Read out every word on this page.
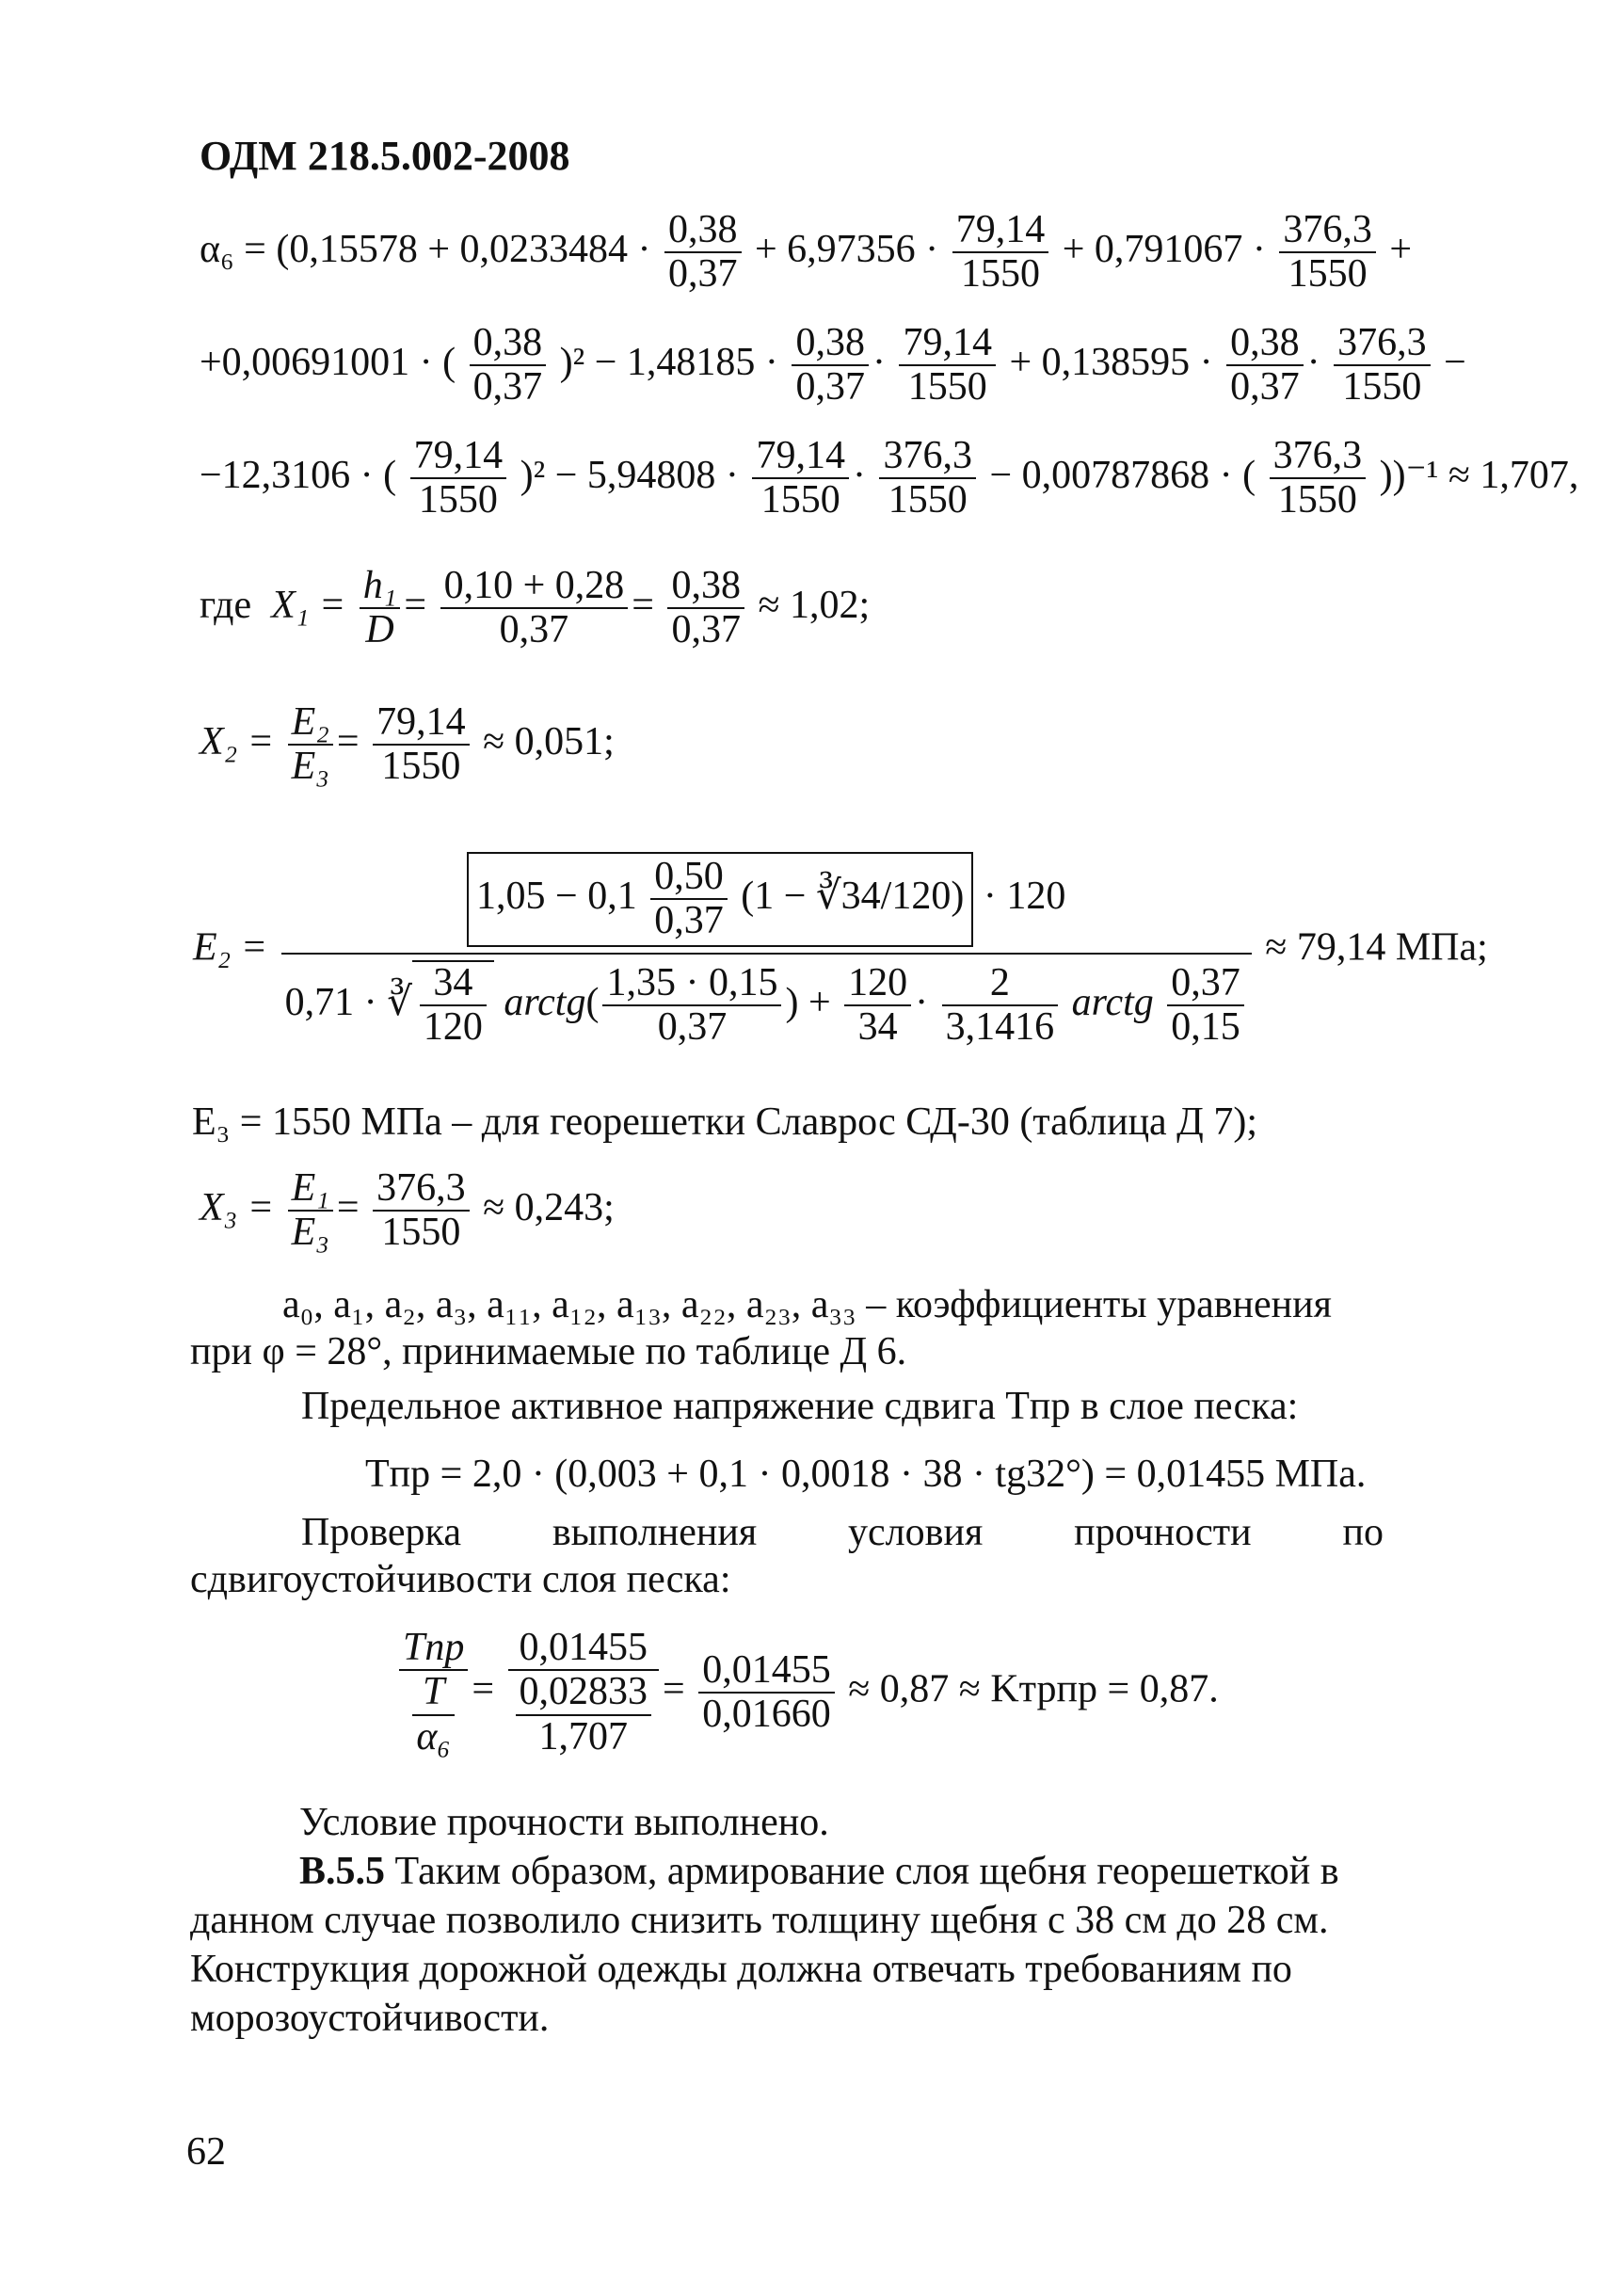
ОДМ 218.5.002-2008
$\alpha_6 = (0,15578 + 0,0233484 \cdot \frac{0,38}{0,37} + 6,97356 \cdot \frac{79,14}{1550} + 0,791067 \cdot \frac{376,3}{1550}$ +
+0,00691001 · ( $\frac{0,38}{0,37} )^2 - 1,48185 \cdot \frac{0,38}{0,37} \cdot \frac{79,14}{1550} + 0,138595 \cdot \frac{0,38}{0,37} \cdot \frac{376,3}{1550}$ −
−12,3106 · ( $\frac{79,14}{1550} )^2 - 5,94808 \cdot \frac{79,14}{1550} \cdot \frac{376,3}{1550} - 0,00787868$ · ( $\frac{376,3}{1550} ))^{-1} \approx 1,707$,
где $X_1 = \frac{\text{h₁}}{D} = \frac{0,10 + 0,28}{0,37} = \frac{0,38}{0,37} \approx 1,02$;
$X_2 = \frac{\text{E₂}}{\text{E₃}} = \frac{79,14}{1550} \approx 0,051$;
E₂ =
$1,05 - 0,1 \frac{0,50}{0,37} (1$ − ∛34/120) · 120
0,71 · ∛ $\frac{34}{120}$ arctg( $\frac{1,35 \cdot 0,15}{0,37}$ ) + $\frac{120}{34} \cdot \frac{2}{3,1416}$ arctg $\frac{0,37}{0,15}$
≈ 79,14 МПа;
E₃ = 1550 МПа – для георешетки Славрос СД-30 (таблица Д 7);
$X_3 = \frac{\text{E₁}}{\text{E₃}} = \frac{376,3}{1550} \approx 0,243$;
a₀, a₁, a₂, a₃, a₁₁, a₁₂, a₁₃, a₂₂, a₂₃, a₃₃ – коэффициенты уравнения
при φ = 28°, принимаемые по таблице Д 6.
Предельное активное напряжение сдвига Tпр в слое песка:
Tпр = 2,0 · (0,003 + 0,1 · 0,0018 · 38 · tg32°) = 0,01455 МПа.
Проверка выполнения условия прочности по
сдвигоустойчивости слоя песка:
$\frac{\text{Tпр}}{\frac{T}{\text{α₆}}} = \frac{0,01455}{\frac{0,02833}{1,707}} = \frac{0,01455}{0,01660} \approx 0,87$ ≈ Kтрпр = 0,87.
Условие прочности выполнено.
В.5.5 Таким образом, армирование слоя щебня георешеткой в
данном случае позволило снизить толщину щебня с 38 см до 28 см.
Конструкция дорожной одежды должна отвечать требованиям по
морозоустойчивости.
62
